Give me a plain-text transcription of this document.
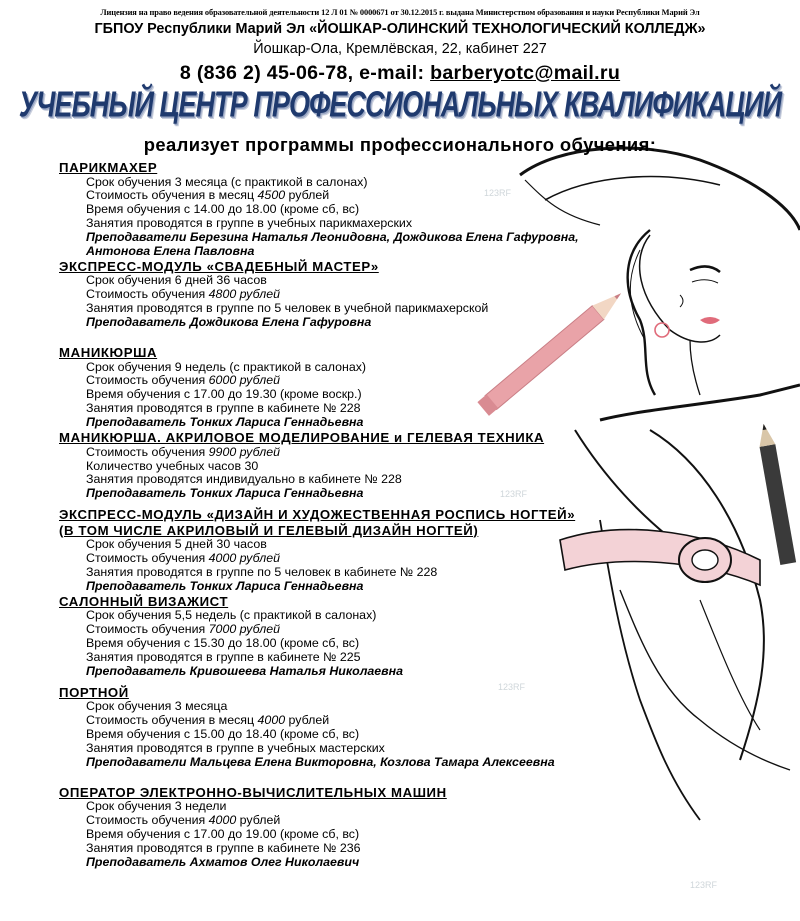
Лицензия на право ведения образовательной деятельности 12 Л 01 № 0000671 от 30.12.2015 г. выдана Министерством образования и науки Республики Марий Эл
ГБПОУ Республики Марий Эл «ЙОШКАР-ОЛИНСКИЙ ТЕХНОЛОГИЧЕСКИЙ КОЛЛЕДЖ»
Йошкар-Ола, Кремлёвская, 22, кабинет 227
8 (836 2) 45-06-78, e-mail: barberyotc@mail.ru
УЧЕБНЫЙ ЦЕНТР ПРОФЕССИОНАЛЬНЫХ КВАЛИФИКАЦИЙ
реализует программы профессионального обучения:
ПАРИКМАХЕР
Срок обучения 3 месяца (с практикой в салонах)
Стоимость обучения в месяц 4500 рублей
Время обучения с 14.00 до 18.00 (кроме сб, вс)
Занятия проводятся в группе в учебных парикмахерских
Преподаватели Березина Наталья Леонидовна, Дождикова Елена Гафуровна,
Антонова Елена Павловна
ЭКСПРЕСС-МОДУЛЬ «СВАДЕБНЫЙ МАСТЕР»
Срок обучения 6 дней 36 часов
Стоимость обучения 4800 рублей
Занятия проводятся в группе по 5 человек в учебной парикмахерской
Преподаватель Дождикова Елена Гафуровна
МАНИКЮРША
Срок обучения 9 недель (с практикой в салонах)
Стоимость обучения 6000 рублей
Время обучения с 17.00 до 19.30 (кроме воскр.)
Занятия проводятся в группе в кабинете № 228
Преподаватель Тонких Лариса Геннадьевна
МАНИКЮРША. АКРИЛОВОЕ МОДЕЛИРОВАНИЕ и ГЕЛЕВАЯ ТЕХНИКА
Стоимость обучения 9900 рублей
Количество учебных часов 30
Занятия проводятся индивидуально в кабинете № 228
Преподаватель Тонких Лариса Геннадьевна
ЭКСПРЕСС-МОДУЛЬ «ДИЗАЙН И ХУДОЖЕСТВЕННАЯ РОСПИСЬ НОГТЕЙ»
(В ТОМ ЧИСЛЕ АКРИЛОВЫЙ И ГЕЛЕВЫЙ ДИЗАЙН НОГТЕЙ)
Срок обучения 5 дней 30 часов
Стоимость обучения 4000 рублей
Занятия проводятся в группе по 5 человек в кабинете № 228
Преподаватель Тонких Лариса Геннадьевна
САЛОННЫЙ ВИЗАЖИСТ
Срок обучения 5,5 недель (с практикой в салонах)
Стоимость обучения 7000 рублей
Время обучения с 15.30 до 18.00 (кроме сб, вс)
Занятия проводятся в группе в кабинете № 225
Преподаватель Кривошеева Наталья Николаевна
ПОРТНОЙ
Срок обучения 3 месяца
Стоимость обучения в месяц 4000 рублей
Время обучения с 15.00 до 18.40 (кроме сб, вс)
Занятия проводятся в группе в учебных мастерских
Преподаватели Мальцева Елена Викторовна, Козлова Тамара Алексеевна
ОПЕРАТОР ЭЛЕКТРОННО-ВЫЧИСЛИТЕЛЬНЫХ МАШИН
Срок обучения 3 недели
Стоимость обучения 4000 рублей
Время обучения с 17.00 до 19.00 (кроме сб, вс)
Занятия проводятся в группе в кабинете № 236
Преподаватель Ахматов Олег Николаевич
123RF
123RF
123RF
123RF
